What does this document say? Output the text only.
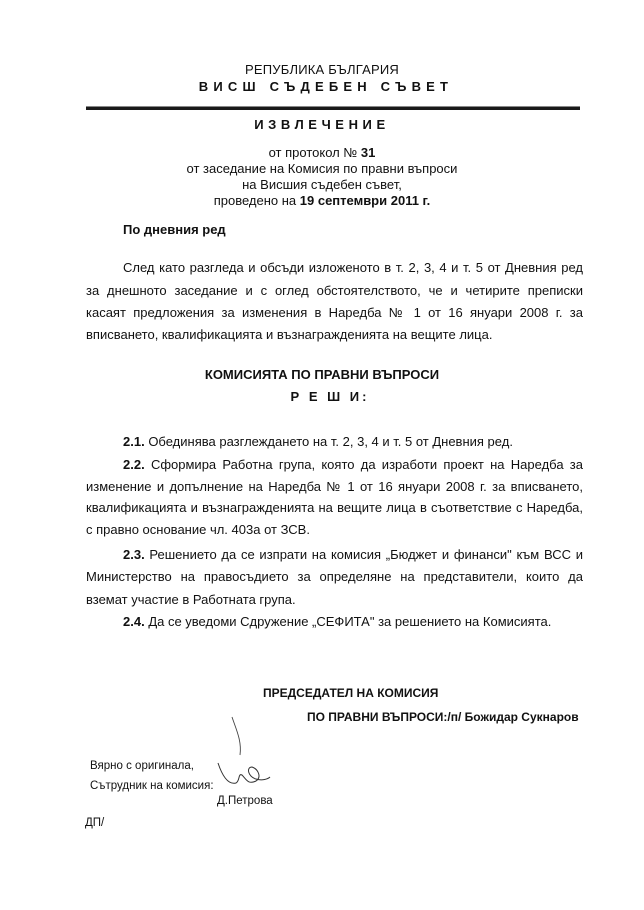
РЕПУБЛИКА БЪЛГАРИЯ
ВИСШ СЪДЕБЕН СЪВЕТ
ИЗВЛЕЧЕНИЕ
от протокол № 31
от заседание на Комисия по правни въпроси
на Висшия съдебен съвет,
проведено на 19 септември 2011 г.
По дневния ред
След като разгледа и обсъди изложеното в т. 2, 3, 4 и т. 5 от Дневния ред
за днешното заседание и с оглед обстоятелството, че и четирите преписки
касаят предложения за изменения в Наредба № 1 от 16 януари 2008 г. за
вписването, квалификацията и възнагражденията на вещите лица.
КОМИСИЯТА ПО ПРАВНИ ВЪПРОСИ
Р Е Ш И:
2.1. Обединява разглеждането на т. 2, 3, 4 и т. 5 от Дневния ред.
2.2. Сформира Работна група, която да изработи проект на Наредба за
изменение и допълнение на Наредба № 1 от 16 януари 2008 г. за вписването,
квалификацията и възнагражденията на вещите лица в съответствие с Наредба,
с правно основание чл. 403а от ЗСВ.
2.3. Решението да се изпрати на комисия „Бюджет и финанси" към ВСС и
Министерство на правосъдието за определяне на представители, които да
вземат участие в Работната група.
2.4. Да се уведоми Сдружение „СЕФИТА" за решението на Комисията.
ПРЕДСЕДАТЕЛ НА КОМИСИЯ
ПО ПРАВНИ ВЪПРОСИ:/п/ Божидар Сукнаров
Вярно с оригинала,
Сътрудник на комисия:
Д.Петрова
ДП/
